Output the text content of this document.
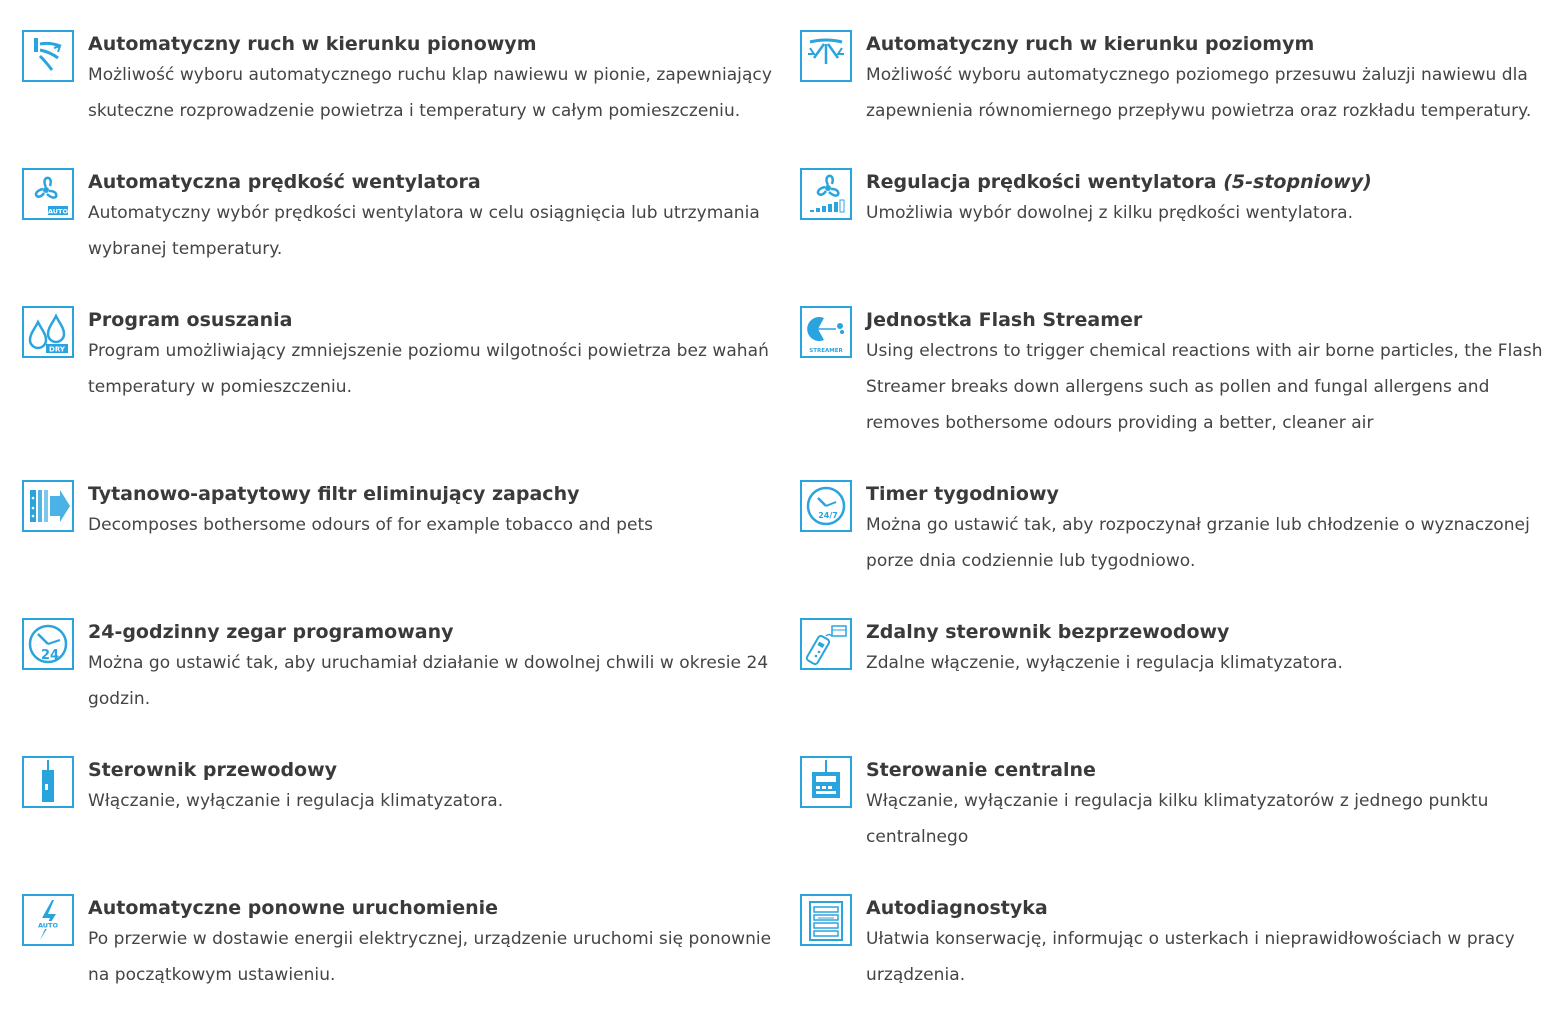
Automatyczny ruch w kierunku pionowym
Możliwość wyboru automatycznego ruchu klap nawiewu w pionie, zapewniający skuteczne rozprowadzenie powietrza i temperatury w całym pomieszczeniu.
Automatyczny ruch w kierunku poziomym
Możliwość wyboru automatycznego poziomego przesuwu żaluzji nawiewu dla zapewnienia równomiernego przepływu powietrza oraz rozkładu temperatury.
AUTO
Automatyczna prędkość wentylatora
Automatyczny wybór prędkości wentylatora w celu osiągnięcia lub utrzymania wybranej temperatury.
Regulacja prędkości wentylatora (5-stopniowy)
Umożliwia wybór dowolnej z kilku prędkości wentylatora.
DRY
Program osuszania
Program umożliwiający zmniejszenie poziomu wilgotności powietrza bez wahań temperatury w pomieszczeniu.
STREAMER
Jednostka Flash Streamer
Using electrons to trigger chemical reactions with air borne particles, the Flash Streamer breaks down allergens such as pollen and fungal allergens and removes bothersome odours providing a better, cleaner air
Tytanowo-apatytowy filtr eliminujący zapachy
Decomposes bothersome odours of for example tobacco and pets	24/7
Timer tygodniowy
Można go ustawić tak, aby rozpoczynał grzanie lub chłodzenie o wyznaczonej porze dnia codziennie lub tygodniowo.
24
24-godzinny zegar programowany
Można go ustawić tak, aby uruchamiał działanie w dowolnej chwili w okresie 24 godzin.
Zdalny sterownik bezprzewodowy
Zdalne włączenie, wyłączenie i regulacja klimatyzatora.
Sterownik przewodowy
Włączanie, wyłączanie i regulacja klimatyzatora.
Sterowanie centralne
Włączanie, wyłączanie i regulacja kilku klimatyzatorów z jednego punktu centralnego
AUTO
Automatyczne ponowne uruchomienie
Po przerwie w dostawie energii elektrycznej, urządzenie uruchomi się ponownie na początkowym ustawieniu.
Autodiagnostyka
Ułatwia konserwację, informując o usterkach i nieprawidłowościach w pracy urządzenia.
